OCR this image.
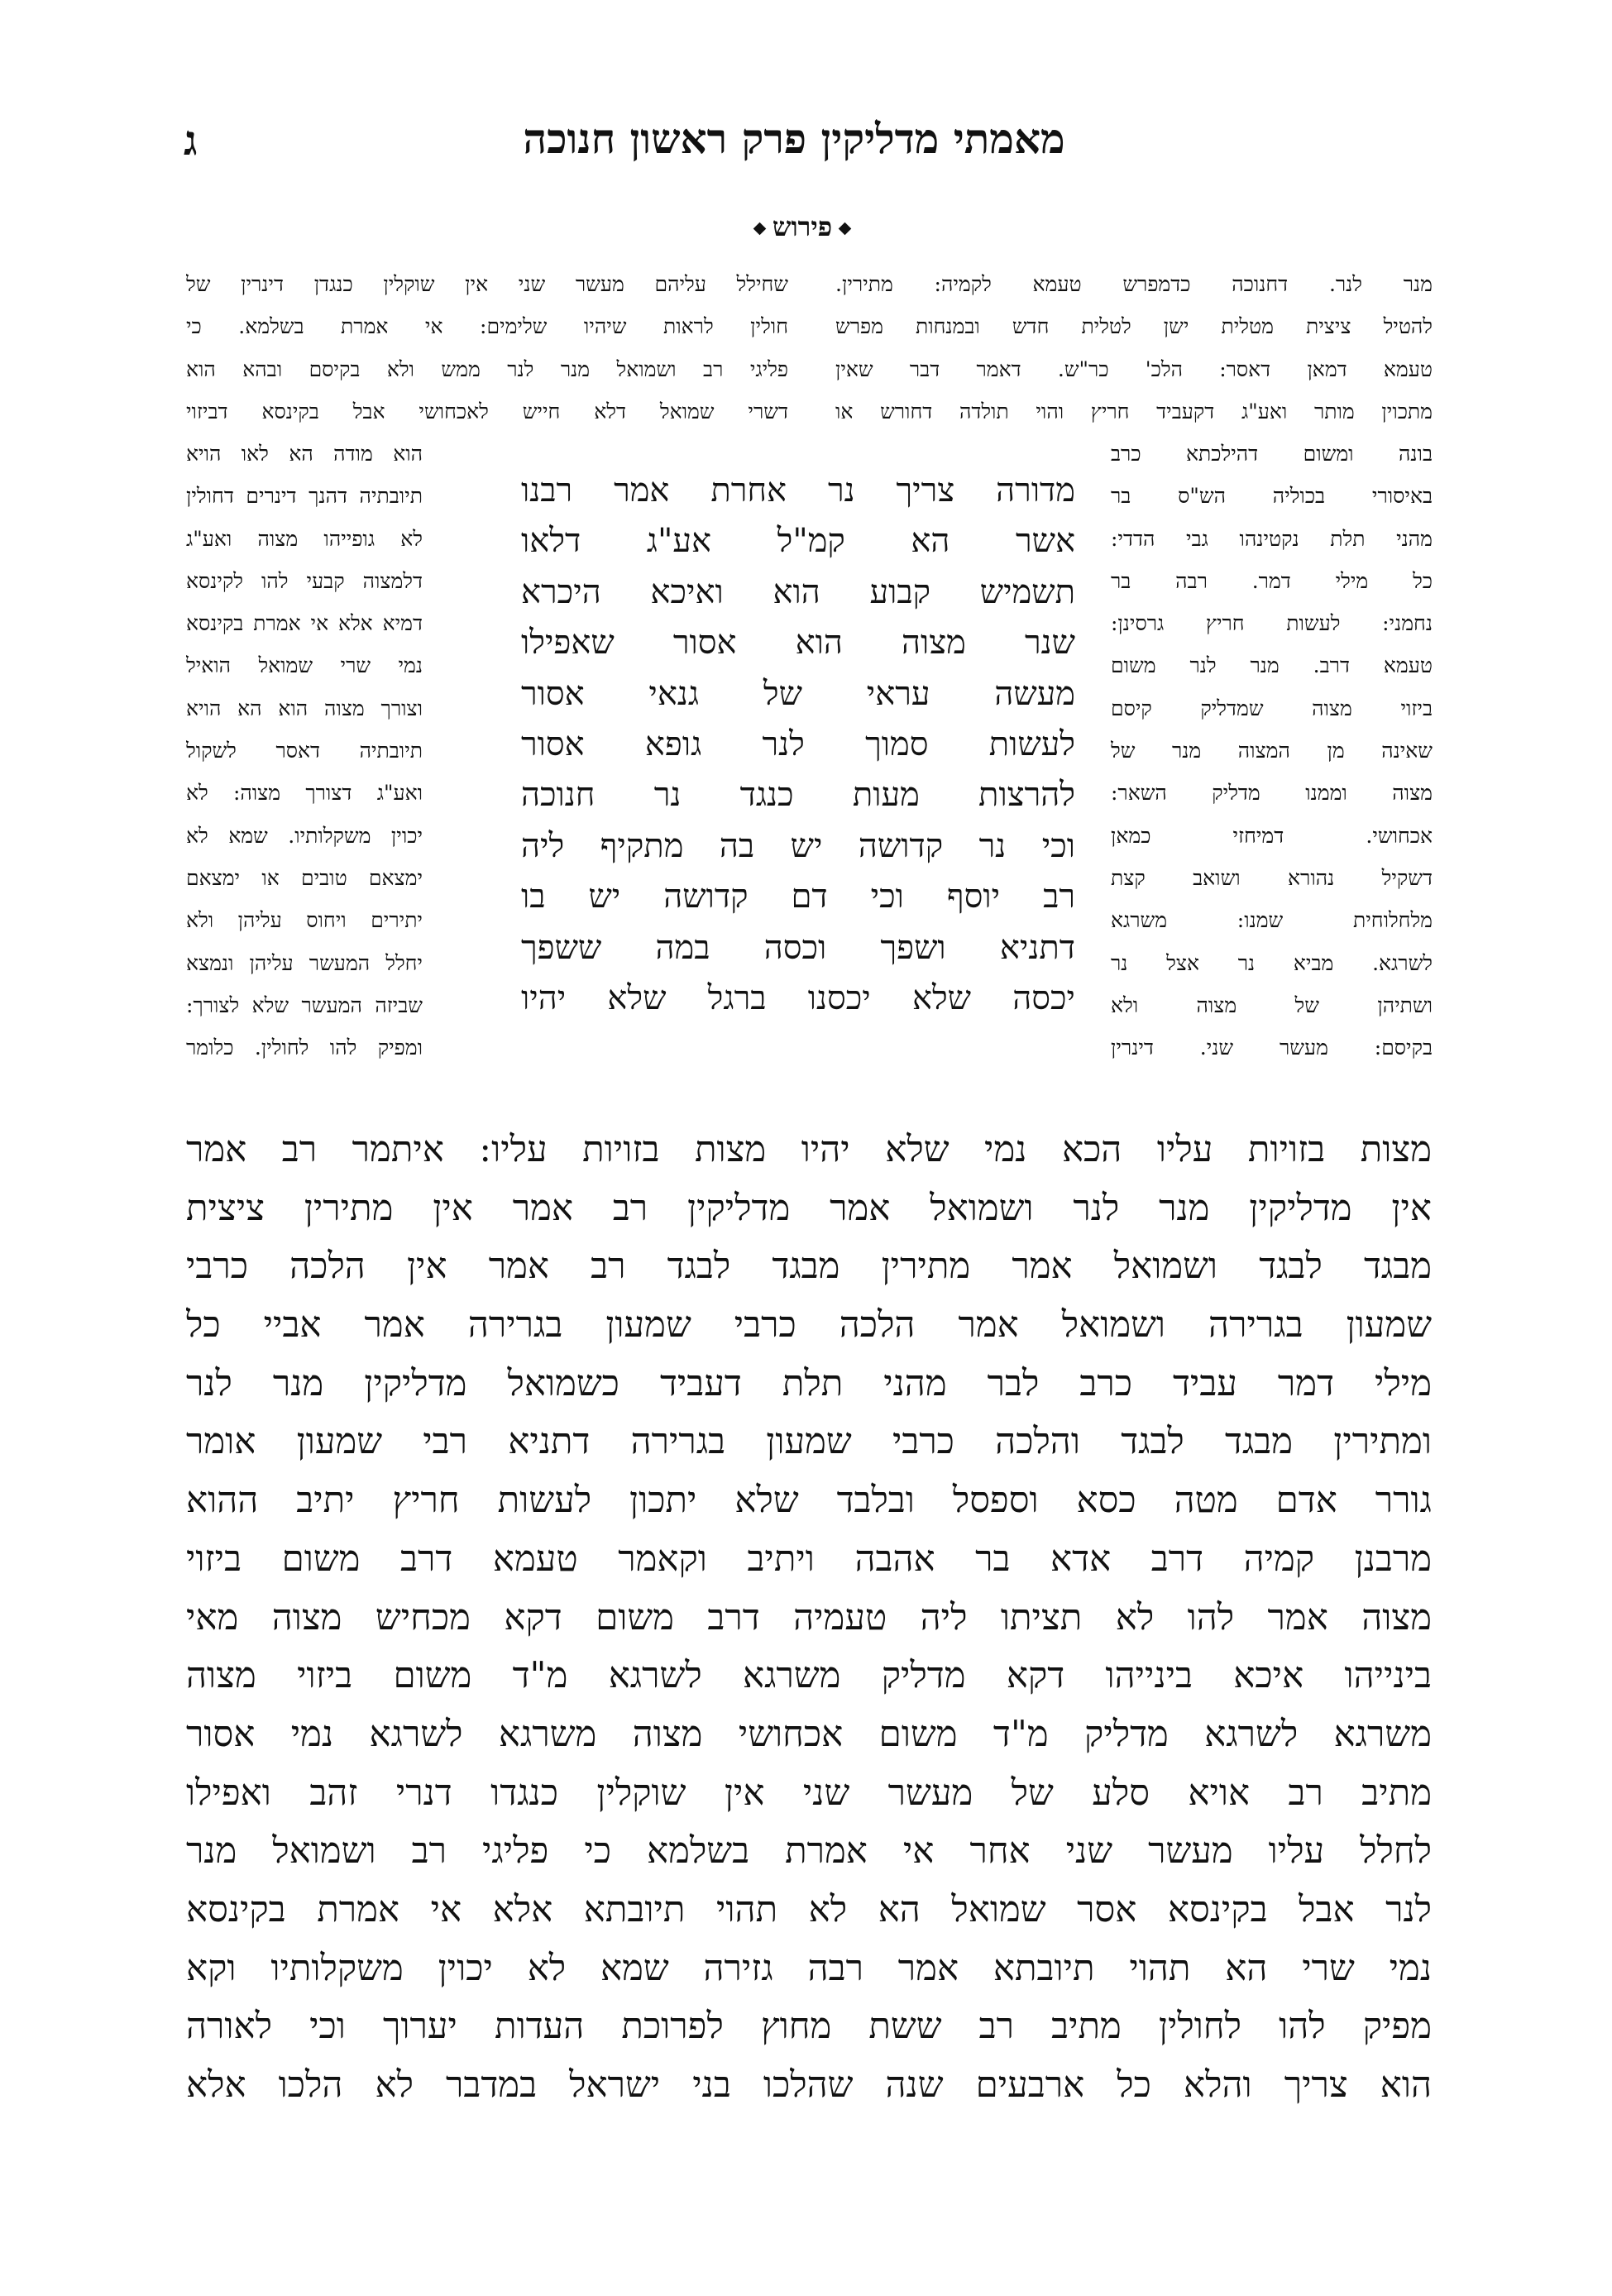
מאמתי מדליקין פרק ראשון חנוכה
ג
פירוש
מנר לנר. דחנוכה כדמפרש טעמא לקמיה: מתירין.
להטיל ציצית מטלית ישן לטלית חדש ובמנחות מפרש
טעמא דמאן דאסר: הלכ' כר"ש. דאמר דבר שאין
מתכוין מותר ואע"ג דקעביד חריץ והוי תולדה דחורש או
שחילל עליהם מעשר שני אין שוקלין כנגדן דינרין של
חולין לראות שיהיו שלימים: אי אמרת בשלמא. כי
פליגי רב ושמואל מנר לנר ממש ולא בקיסם ובהא הוא
דשרי שמואל דלא חייש לאכחושי אבל בקינסא דביזוי
בונה ומשום דהילכתא כרב
באיסורי בכוליה הש"ס בר
מהני תלת נקטינהו גבי הדדי:
כל מילי דמר. רבה בר
נחמני: לעשות חריץ גרסינן:
טעמא דרב. מנר לנר משום
ביזוי מצוה שמדליק קיסם
שאינה מן המצוה מנר של
מצוה וממנו מדליק השאר:
אכחושי. דמיחזי כמאן
דשקיל נהורא ושואב קצת
מלחלוחית שמנו: משרגא
לשרגא. מביא נר אצל נר
ושתיהן של מצוה ולא
בקיסם: מעשר שני. דינרין
הוא מודה הא לאו הויא
תיובתיה דהנך דינרים דחולין
לא גופייהו מצוה ואע"ג
דלמצוה קבעי להו לקינסא
דמיא אלא אי אמרת בקינסא
נמי שרי שמואל הואיל
וצורך מצוה הוא הא הויא
תיובתיה דאסר לשקול
ואע"ג דצורך מצוה: לא
יכוין משקלותיו. שמא לא
ימצאם טובים או ימצאם
יתירים ויחוס עליהן ולא
יחלל המעשר עליהן ונמצא
שביזה המעשר שלא לצורך:
ומפיק להו לחולין. כלומר
מדורה צריך נר אחרת אמר רבנו
אשר הא קמ"ל אע"ג דלאו
תשמיש קבוע הוא ואיכא היכרא
שנר מצוה הוא אסור שאפילו
מעשה עראי של גנאי אסור
לעשות סמוך לנר גופא אסור
להרצות מעות כנגד נר חנוכה
וכי נר קדושה יש בה מתקיף ליה
רב יוסף וכי דם קדושה יש בו
דתניא ושפך וכסה במה ששפך
יכסה שלא יכסנו ברגל שלא יהיו
מצות בזויות עליו הכא נמי שלא יהיו מצות בזויות עליו: איתמר רב אמר
אין מדליקין מנר לנר ושמואל אמר מדליקין רב אמר אין מתירין ציצית
מבגד לבגד ושמואל אמר מתירין מבגד לבגד רב אמר אין הלכה כרבי
שמעון בגרירה ושמואל אמר הלכה כרבי שמעון בגרירה אמר אביי כל
מילי דמר עביד כרב לבר מהני תלת דעביד כשמואל מדליקין מנר לנר
ומתירין מבגד לבגד והלכה כרבי שמעון בגרירה דתניא רבי שמעון אומר
גורר אדם מטה כסא וספסל ובלבד שלא יתכון לעשות חריץ יתיב ההוא
מרבנן קמיה דרב אדא בר אהבה ויתיב וקאמר טעמא דרב משום ביזוי
מצוה אמר להו לא תציתו ליה טעמיה דרב משום דקא מכחיש מצוה מאי
בינייהו איכא בינייהו דקא מדליק משרגא לשרגא מ"ד משום ביזוי מצוה
משרגא לשרגא מדליק מ"ד משום אכחושי מצוה משרגא לשרגא נמי אסור
מתיב רב אויא סלע של מעשר שני אין שוקלין כנגדו דנרי זהב ואפילו
לחלל עליו מעשר שני אחר אי אמרת בשלמא כי פליגי רב ושמואל מנר
לנר אבל בקינסא אסר שמואל הא לא תהוי תיובתא אלא אי אמרת בקינסא
נמי שרי הא תהוי תיובתא אמר רבה גזירה שמא לא יכוין משקלותיו וקא
מפיק להו לחולין מתיב רב ששת מחוץ לפרוכת העדות יערוך וכי לאורה
הוא צריך והלא כל ארבעים שנה שהלכו בני ישראל במדבר לא הלכו אלא
